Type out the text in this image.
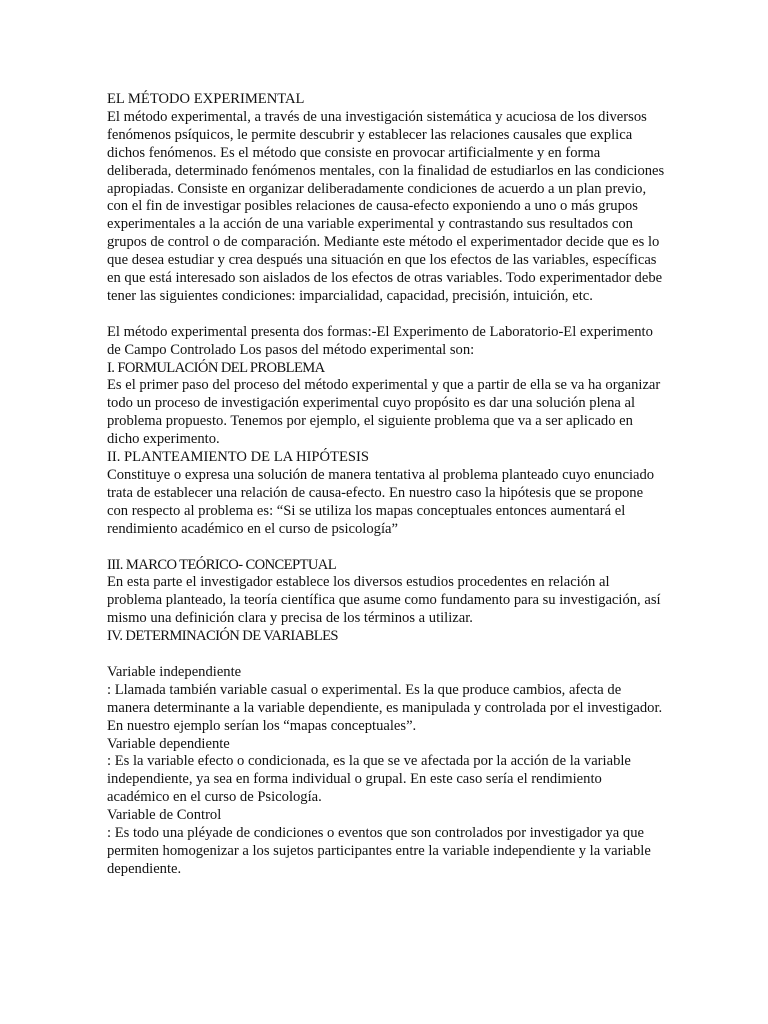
EL MÉTODO EXPERIMENTAL

El método experimental, a través de una investigación sistemática y acuciosa de los diversos fenómenos psíquicos, le permite descubrir y establecer las relaciones causales que explica dichos fenómenos. Es el método que consiste en provocar artificialmente y en forma deliberada, determinado fenómenos mentales, con la finalidad de estudiarlos en las condiciones apropiadas. Consiste en organizar deliberadamente condiciones de acuerdo a un plan previo, con el fin de investigar posibles relaciones de causa-efecto exponiendo a uno o más grupos experimentales a la acción de una variable experimental y contrastando sus resultados con grupos de control o de comparación. Mediante este método el experimentador decide que es lo que desea estudiar y crea después una situación en que los efectos de las variables, específicas en que está interesado son aislados de los efectos de otras variables. Todo experimentador debe tener las siguientes condiciones: imparcialidad, capacidad, precisión, intuición, etc.

El método experimental presenta dos formas:-El Experimento de Laboratorio-El experimento de Campo Controlado Los pasos del método experimental son:

I. FORMULACIÓN DEL PROBLEMA

Es el primer paso del proceso del método experimental y que a partir de ella se va ha organizar todo un proceso de investigación experimental cuyo propósito es dar una solución plena al problema propuesto. Tenemos por ejemplo, el siguiente problema que va a ser aplicado en dicho experimento.

II. PLANTEAMIENTO DE LA HIPÓTESIS

Constituye o expresa una solución de manera tentativa al problema planteado cuyo enunciado trata de establecer una relación de causa-efecto. En nuestro caso la hipótesis que se propone con respecto al problema es: “Si se utiliza los mapas conceptuales entonces aumentará el rendimiento académico en el curso de psicología”

III. MARCO TEÓRICO- CONCEPTUAL

En esta parte el investigador establece los diversos estudios procedentes en relación al problema planteado, la teoría científica que asume como fundamento para su investigación, así mismo una definición clara y precisa de los términos a utilizar.

IV. DETERMINACIÓN DE VARIABLES

Variable independiente

: Llamada también variable casual o experimental. Es la que produce cambios, afecta de manera determinante a la variable dependiente, es manipulada y controlada por el investigador. En nuestro ejemplo serían los “mapas conceptuales”.

Variable dependiente

: Es la variable efecto o condicionada, es la que se ve afectada por la acción de la variable independiente, ya sea en forma individual o grupal. En este caso sería el rendimiento académico en el curso de Psicología.

Variable de Control

: Es todo una pléyade de condiciones o eventos que son controlados por investigador ya que permiten homogenizar a los sujetos participantes entre la variable independiente y la variable dependiente.
